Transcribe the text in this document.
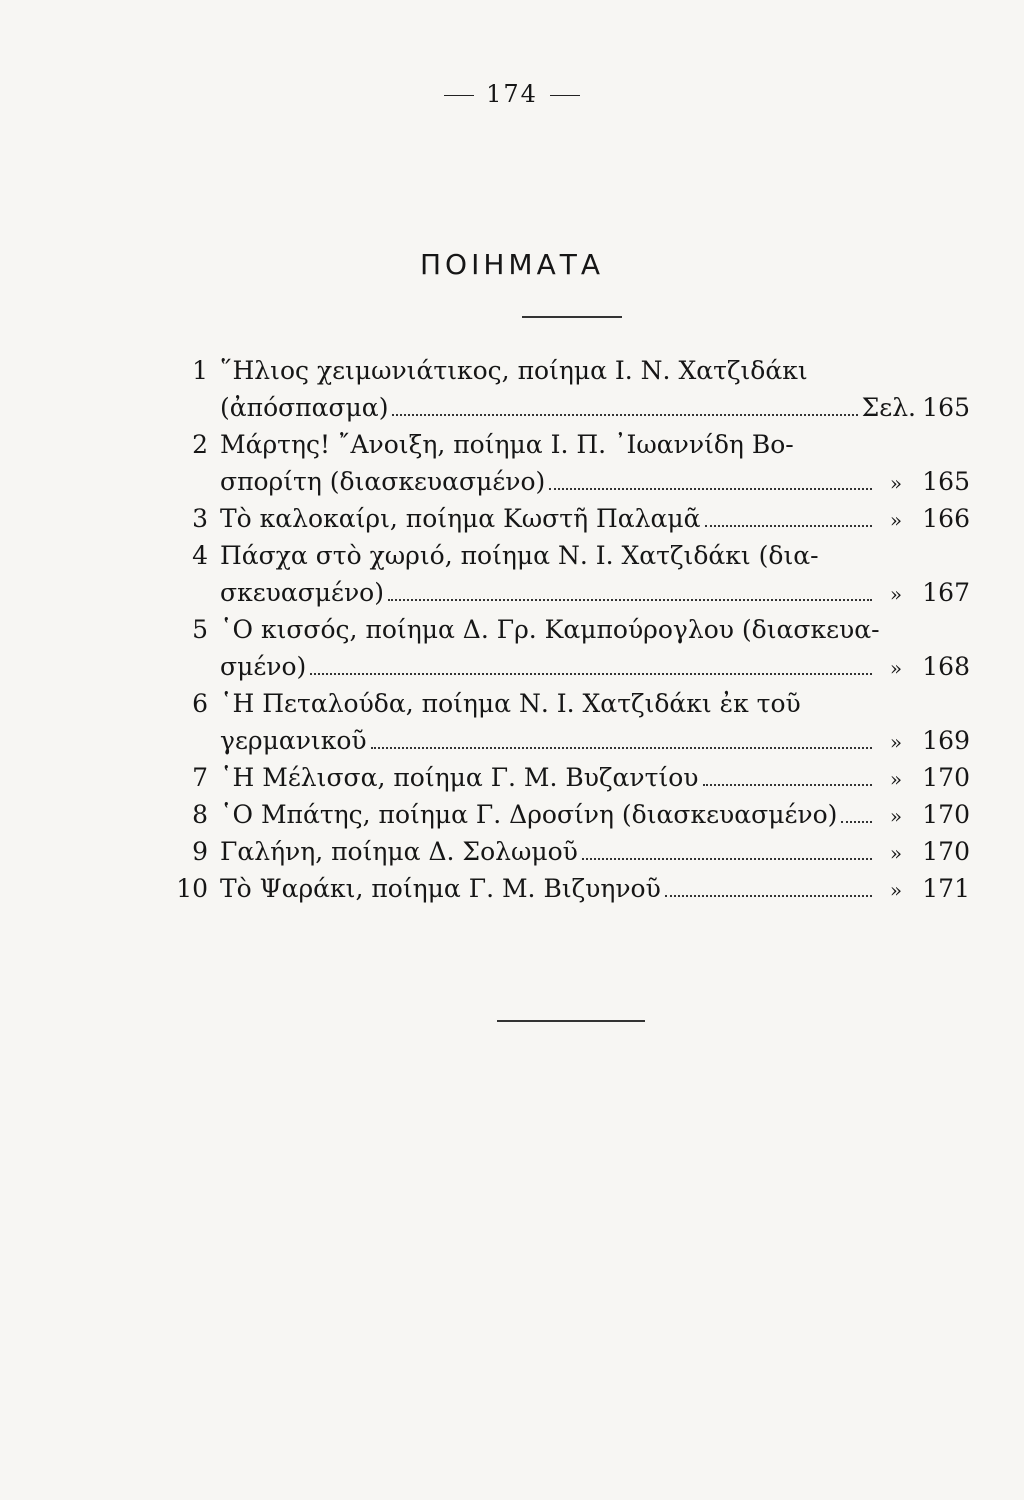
174
ΠΟΙΗΜΑΤΑ
1 ῞Ηλιος χειμωνιάτικος, ποίημα Ι. Ν. Χατζιδάκι
(ἀπόσπασμα)	Σελ. 165
2 Μάρτης! ῎Ανοιξη, ποίημα Ι. Π. ᾿Ιωαννίδη Βο-
σπορίτη (διασκευασμένο)	» 165
3 Τὸ καλοκαίρι, ποίημα Κωστῆ Παλαμᾶ	» 166
4 Πάσχα στὸ χωριό, ποίημα Ν. Ι. Χατζιδάκι (δια-
σκευασμένο)	» 167
5 ῾Ο κισσός, ποίημα Δ. Γρ. Καμπούρογλου (διασκευα-
σμένο)	» 168
6 ῾Η Πεταλούδα, ποίημα Ν. Ι. Χατζιδάκι ἐκ τοῦ
γερμανικοῦ	» 169
7 ῾Η Μέλισσα, ποίημα Γ. Μ. Βυζαντίου	» 170
8 ῾Ο Μπάτης, ποίημα Γ. Δροσίνη (διασκευασμένο)	» 170
9 Γαλήνη, ποίημα Δ. Σολωμοῦ	» 170
10 Τὸ Ψαράκι, ποίημα Γ. Μ. Βιζυηνοῦ	» 171
